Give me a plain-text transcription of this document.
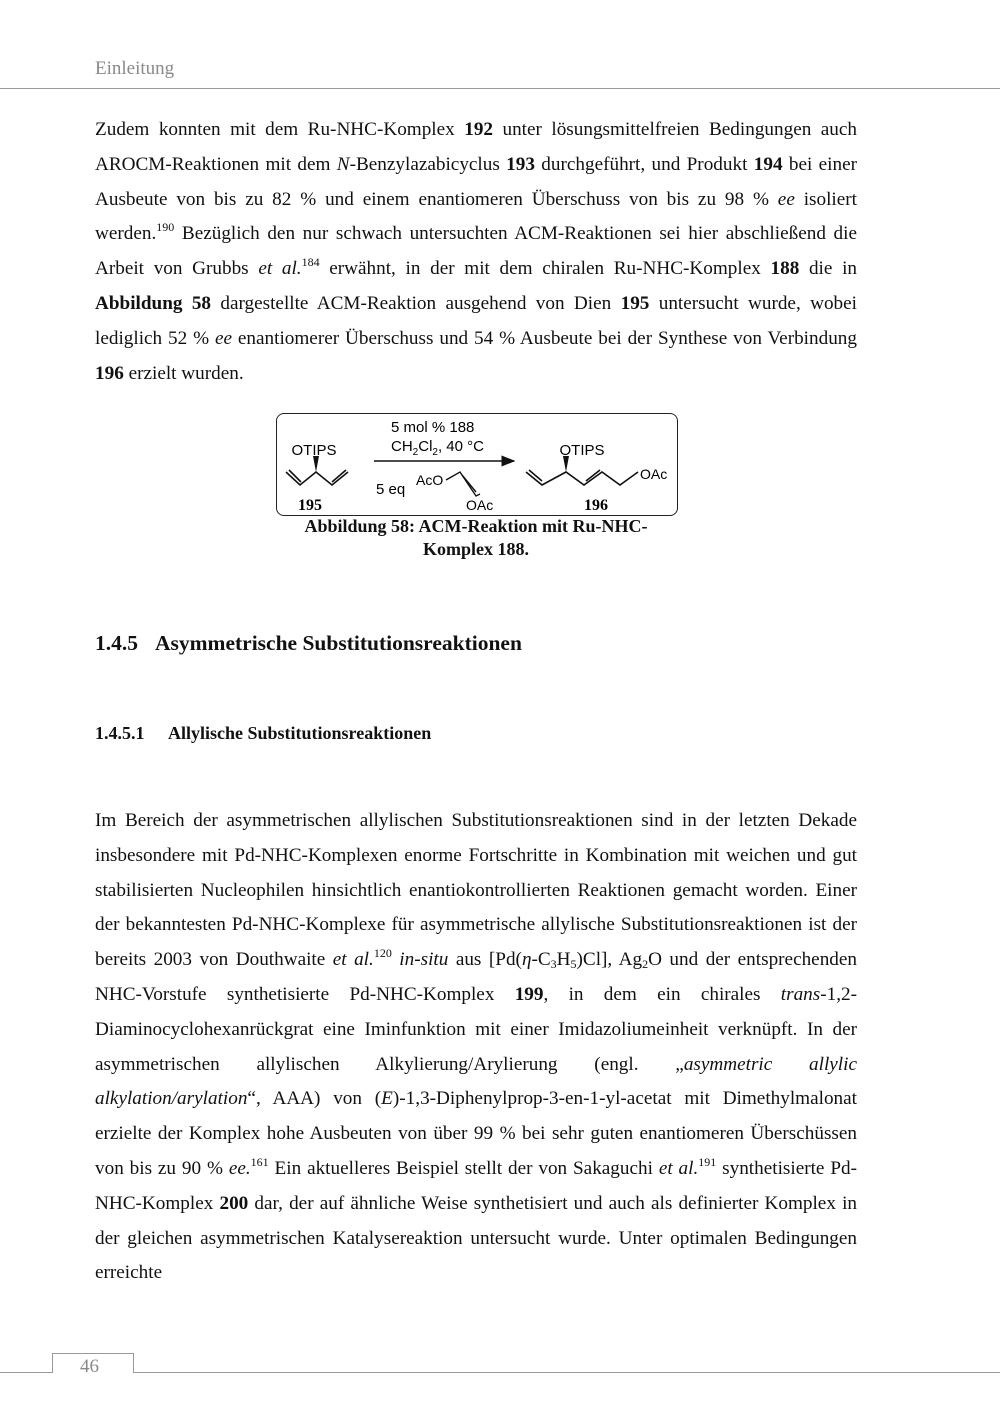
Einleitung

Zudem konnten mit dem Ru-NHC-Komplex 192 unter lösungsmittelfreien Bedingungen auch AROCM-Reaktionen mit dem N-Benzylazabicyclus 193 durchgeführt, und Produkt 194 bei einer Ausbeute von bis zu 82 % und einem enantiomeren Überschuss von bis zu 98 % ee isoliert werden.$^{190}$ Bezüglich den nur schwach untersuchten ACM-Reaktionen sei hier abschließend die Arbeit von Grubbs et al.$^{184}$ erwähnt, in der mit dem chiralen Ru-NHC-Komplex 188 die in Abbildung 58 dargestellte ACM-Reaktion ausgehend von Dien 195 untersucht wurde, wobei lediglich 52 % ee enantiomerer Überschuss und 54 % Ausbeute bei der Synthese von Verbindung 196 erzielt wurden.

OTIPS
195
5 mol % 188
$CH_2Cl_2$, 40 °C
5 eq
AcO
OAc
OTIPS
OAc
196
Abbildung 58: ACM-Reaktion mit Ru-NHC-
Komplex 188.
1.4.5 Asymmetrische Substitutionsreaktionen
1.4.5.1 Allylische Substitutionsreaktionen

Im Bereich der asymmetrischen allylischen Substitutionsreaktionen sind in der letzten Dekade insbesondere mit Pd-NHC-Komplexen enorme Fortschritte in Kombination mit weichen und gut stabilisierten Nucleophilen hinsichtlich enantiokontrollierten Reaktionen gemacht worden. Einer der bekanntesten Pd-NHC-Komplexe für asymmetrische allylische Substitutionsreaktionen ist der bereits 2003 von Douthwaite et al.$^{120}$ in-situ aus $[Pd(\eta-C_3H_5)Cl]$, $Ag_2O$ und der entsprechenden NHC-Vorstufe synthetisierte Pd-NHC-Komplex 199, in dem ein chirales trans-1,2-Diaminocyclohexanrückgrat eine Iminfunktion mit einer Imidazoliumeinheit verknüpft. In der asymmetrischen allylischen Alkylierung/Arylierung (engl. „asymmetric allylic alkylation/arylation“, AAA) von (E)-1,3-Diphenylprop-3-en-1-yl-acetat mit Dimethylmalonat erzielte der Komplex hohe Ausbeuten von über 99 % bei sehr guten enantiomeren Überschüssen von bis zu 90 % ee.$^{161}$ Ein aktuelleres Beispiel stellt der von Sakaguchi et al.$^{191}$ synthetisierte Pd-NHC-Komplex 200 dar, der auf ähnliche Weise synthetisiert und auch als definierter Komplex in der gleichen asymmetrischen Katalysereaktion untersucht wurde. Unter optimalen Bedingungen erreichte

46
